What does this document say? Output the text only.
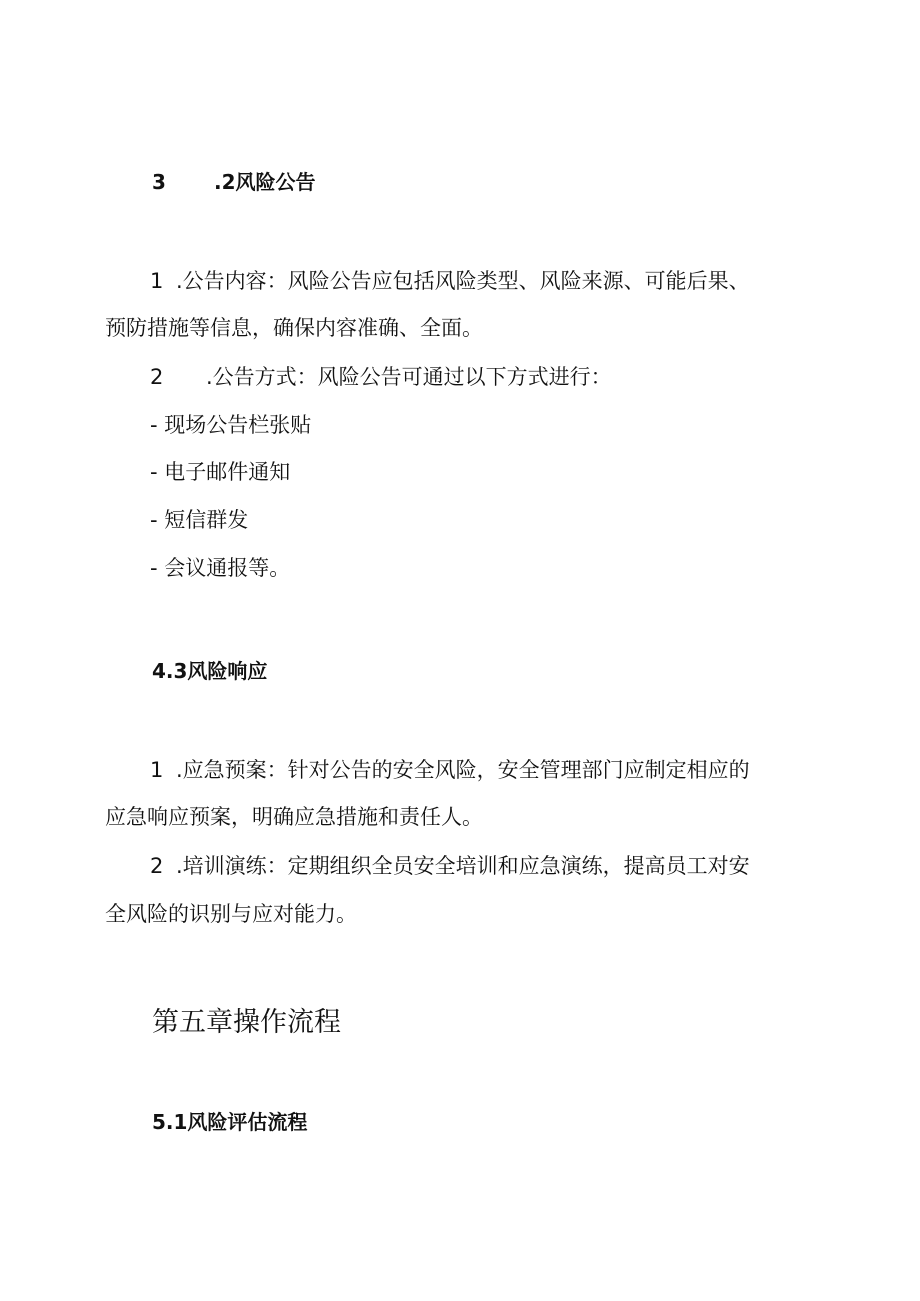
3 .2风险公告
1 .公告内容：风险公告应包括风险类型、风险来源、可能后果、
预防措施等信息，确保内容准确、全面。
2 .公告方式：风险公告可通过以下方式进行：
- 现场公告栏张贴
- 电子邮件通知
- 短信群发
- 会议通报等。
4.3风险响应
1 .应急预案：针对公告的安全风险，安全管理部门应制定相应的
应急响应预案，明确应急措施和责任人。
2 .培训演练：定期组织全员安全培训和应急演练，提高员工对安
全风险的识别与应对能力。
第五章操作流程
5.1风险评估流程
